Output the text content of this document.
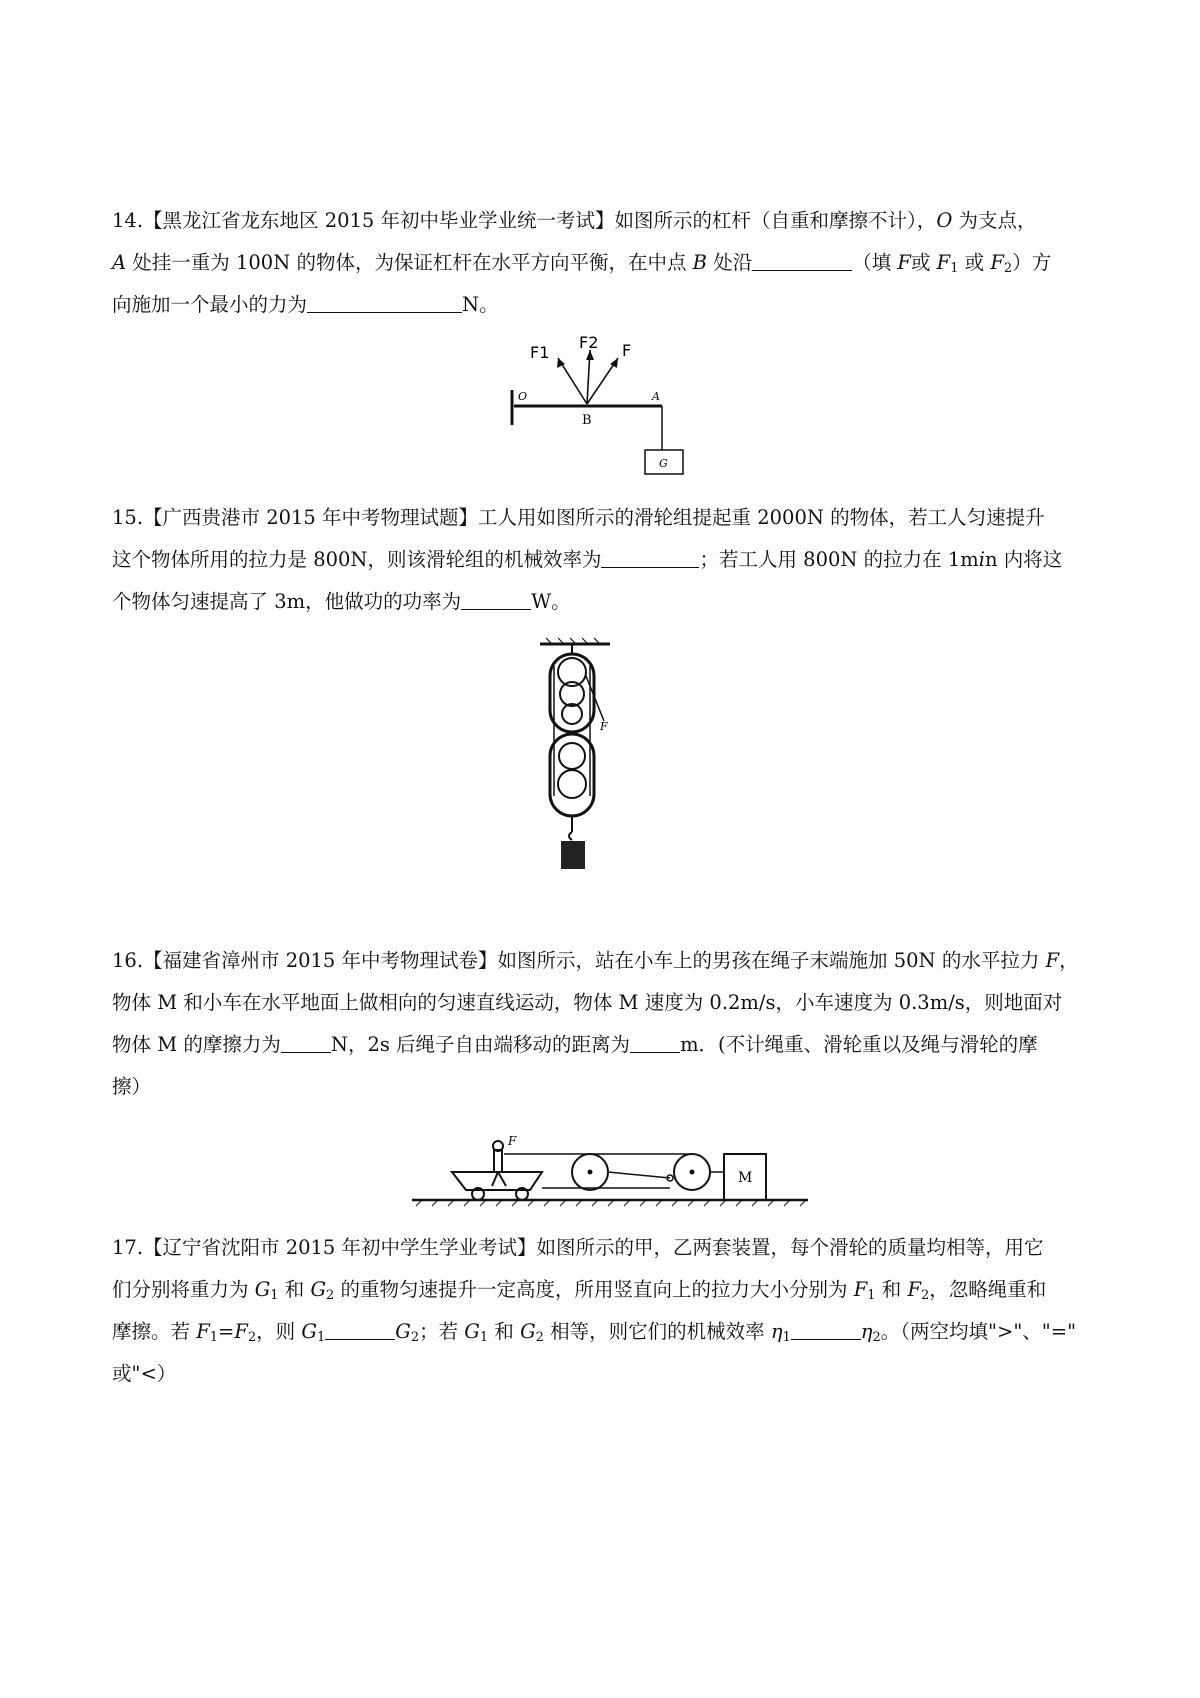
14.【黑龙江省龙东地区 2015 年初中毕业学业统一考试】如图所示的杠杆（自重和摩擦不计），O 为支点，

A 处挂一重为 100N 的物体，为保证杠杆在水平方向平衡，在中点 B 处沿	（填 F或 $F_1$ 或 $F_2$）方

向施加一个最小的力为	N。

F1
F2 F
O	A
B
G

15.【广西贵港市 2015 年中考物理试题】工人用如图所示的滑轮组提起重 2000N 的物体，若工人匀速提升

这个物体所用的拉力是 800N，则该滑轮组的机械效率为	；若工人用 800N 的拉力在 1min 内将这

个物体匀速提高了 3m，他做功的功率为	W。

F

16.【福建省漳州市 2015 年中考物理试卷】如图所示，站在小车上的男孩在绳子末端施加 50N 的水平拉力 F，

物体 M 和小车在水平地面上做相向的匀速直线运动，物体 M 速度为 0.2m/s，小车速度为 0.3m/s，则地面对

物体 M 的摩擦力为	N，2s 后绳子自由端移动的距离为	m．(不计绳重、滑轮重以及绳与滑轮的摩

擦）

F
M

17.【辽宁省沈阳市 2015 年初中学生学业考试】如图所示的甲，乙两套装置，每个滑轮的质量均相等，用它

们分别将重力为 $G_1$ 和 $G_2$ 的重物匀速提升一定高度，所用竖直向上的拉力大小分别为 $F_1$ 和 $F_2$，忽略绳重和

摩擦。若 $F_1=F_2$，则 $G_1$	$G_2$；若 $G_1$ 和 $G_2$ 相等，则它们的机械效率 $\eta_1$	$\eta_2$。（两空均填">"、"="

或"<）
